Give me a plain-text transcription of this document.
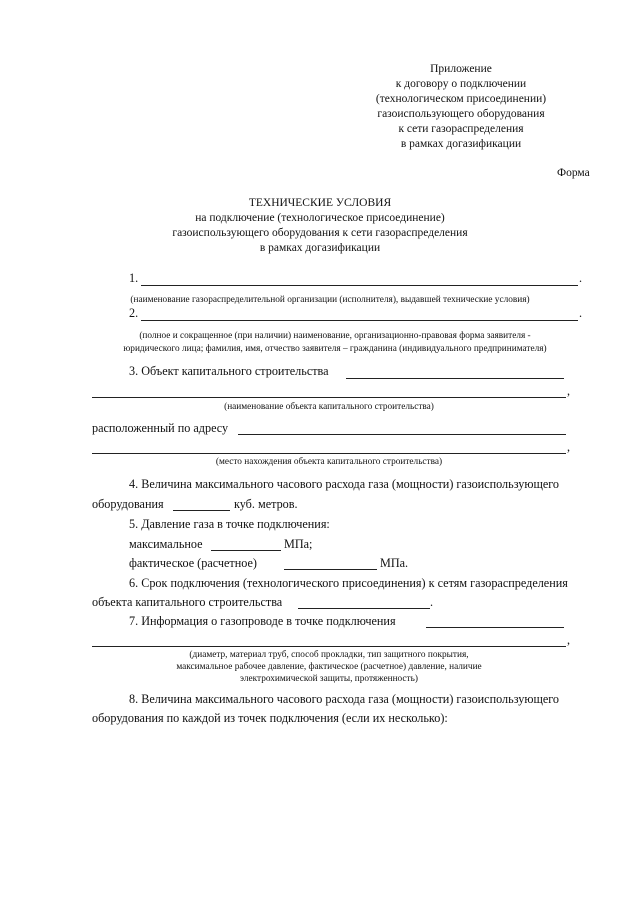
Приложение
к договору о подключении
(технологическом присоединении)
газоиспользующего оборудования
к сети газораспределения
в рамках догазификации
Форма
ТЕХНИЧЕСКИЕ УСЛОВИЯ
на подключение (технологическое присоединение)
газоиспользующего оборудования к сети газораспределения
в рамках догазификации
1.	.
(наименование газораспределительной организации (исполнителя), выдавшей технические условия)
2.	.
(полное и сокращенное (при наличии) наименование, организационно-правовая форма заявителя -
юридического лица; фамилия, имя, отчество заявителя – гражданина (индивидуального предпринимателя)
3. Объект капитального строительства
,
(наименование объекта капитального строительства)
расположенный по адресу
,
(место нахождения объекта капитального строительства)
4. Величина максимального часового расхода газа (мощности) газоиспользующего
оборудования	куб. метров.
5. Давление газа в точке подключения:
максимальное	МПа;
фактическое (расчетное)	МПа.
6. Срок подключения (технологического присоединения) к сетям газораспределения
объекта капитального строительства	.
7. Информация о газопроводе в точке подключения
,
(диаметр, материал труб, способ прокладки, тип защитного покрытия,
максимальное рабочее давление, фактическое (расчетное) давление, наличие
электрохимической защиты, протяженность)
8. Величина максимального часового расхода газа (мощности) газоиспользующего
оборудования по каждой из точек подключения (если их несколько):
